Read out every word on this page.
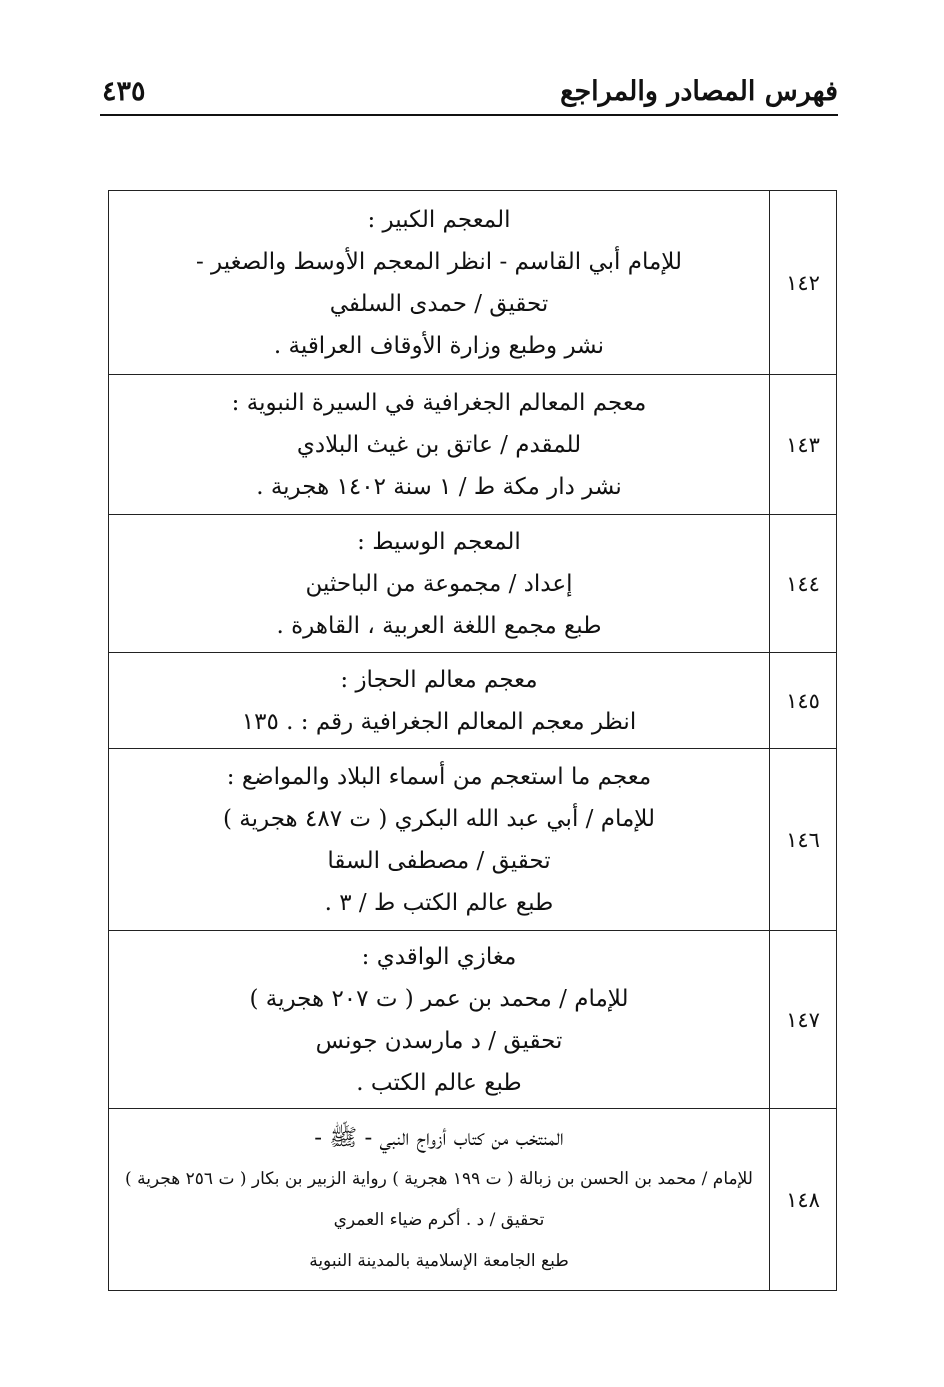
فهرس المصادر والمراجع
٤٣٥
١٤٢	المعجم الكبير :
للإمام أبي القاسم - انظر المعجم الأوسط والصغير -
تحقيق / حمدى السلفي
نشر وطبع وزارة الأوقاف العراقية .

١٤٣	معجم المعالم الجغرافية في السيرة النبوية :
للمقدم / عاتق بن غيث البلادي
نشر دار مكة ط / ١ سنة ١٤٠٢ هجرية .

١٤٤	المعجم الوسيط :
إعداد / مجموعة من الباحثين
طبع مجمع اللغة العربية ، القاهرة .

١٤٥	معجم معالم الحجاز :
انظر معجم المعالم الجغرافية رقم : . ١٣٥

١٤٦	معجم ما استعجم من أسماء البلاد والمواضع :
للإمام / أبي عبد الله البكري ( ت ٤٨٧ هجرية )
تحقيق / مصطفى السقا
طبع عالم الكتب ط / ٣ .

١٤٧	مغازي الواقدي :
للإمام / محمد بن عمر ( ت ٢٠٧ هجرية )
تحقيق / د مارسدن جونس
طبع عالم الكتب .

١٤٨	المنتخب من كتاب أزواج النبي - ﷺ -
للإمام / محمد بن الحسن بن زبالة ( ت ١٩٩ هجرية ) رواية الزبير بن بكار ( ت ٢٥٦ هجرية )
تحقيق / د . أكرم ضياء العمري
طبع الجامعة الإسلامية بالمدينة النبوية
